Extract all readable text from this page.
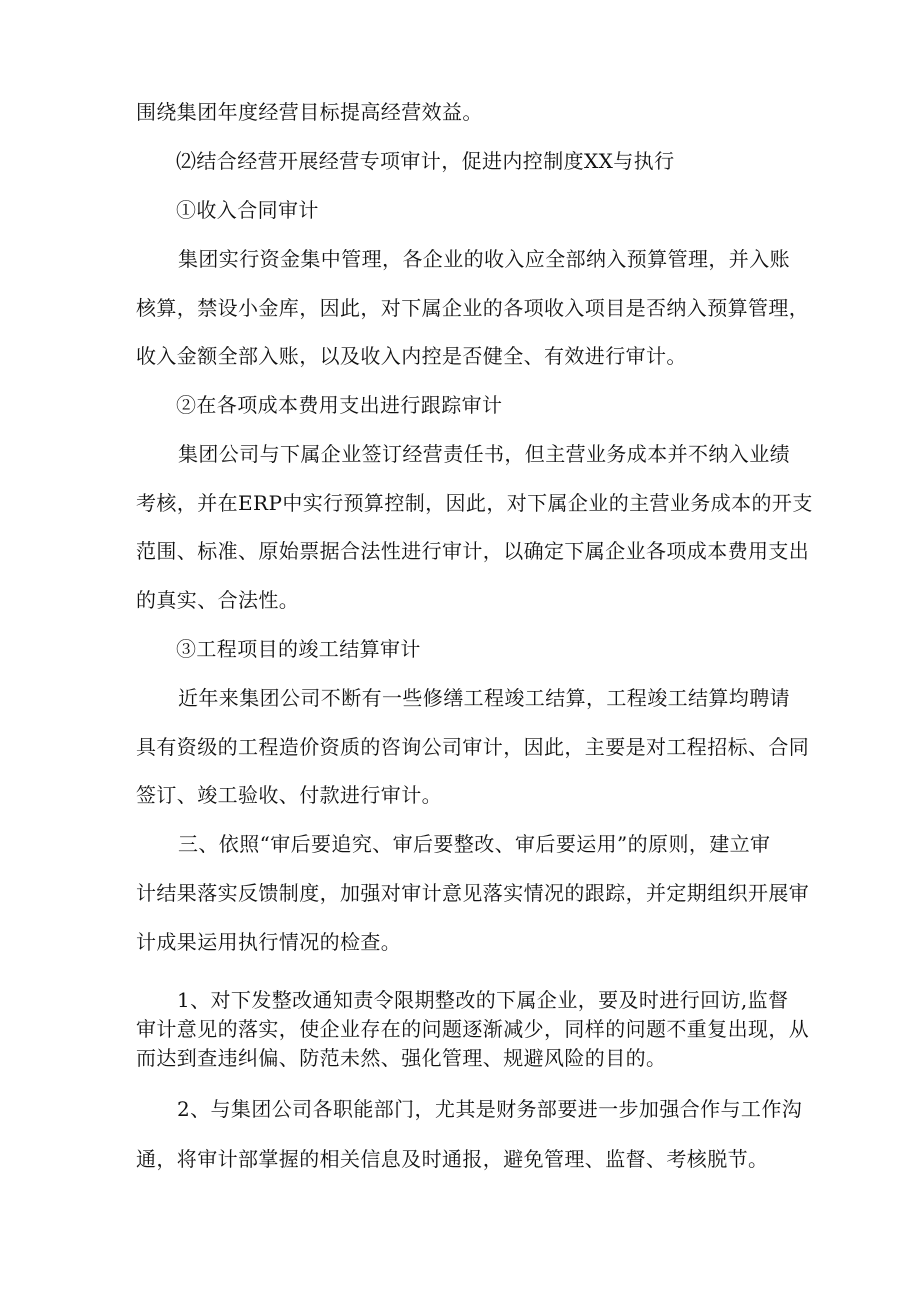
围绕集团年度经营目标提高经营效益。
⑵结合经营开展经营专项审计，促进内控制度XX与执行
①收入合同审计
集团实行资金集中管理，各企业的收入应全部纳入预算管理，并入账
核算，禁设小金库，因此，对下属企业的各项收入项目是否纳入预算管理，
收入金额全部入账，以及收入内控是否健全、有效进行审计。
②在各项成本费用支出进行跟踪审计
集团公司与下属企业签订经营责任书，但主营业务成本并不纳入业绩
考核，并在ERP中实行预算控制，因此，对下属企业的主营业务成本的开支
范围、标准、原始票据合法性进行审计，以确定下属企业各项成本费用支出
的真实、合法性。
③工程项目的竣工结算审计
近年来集团公司不断有一些修缮工程竣工结算，工程竣工结算均聘请
具有资级的工程造价资质的咨询公司审计，因此，主要是对工程招标、合同
签订、竣工验收、付款进行审计。
三、依照“审后要追究、审后要整改、审后要运用”的原则，建立审
计结果落实反馈制度，加强对审计意见落实情况的跟踪，并定期组织开展审
计成果运用执行情况的检查。
1、对下发整改通知责令限期整改的下属企业，要及时进行回访,监督
审计意见的落实，使企业存在的问题逐渐减少，同样的问题不重复出现，从
而达到查违纠偏、防范未然、强化管理、规避风险的目的。
2、与集团公司各职能部门，尤其是财务部要进一步加强合作与工作沟
通，将审计部掌握的相关信息及时通报，避免管理、监督、考核脱节。
